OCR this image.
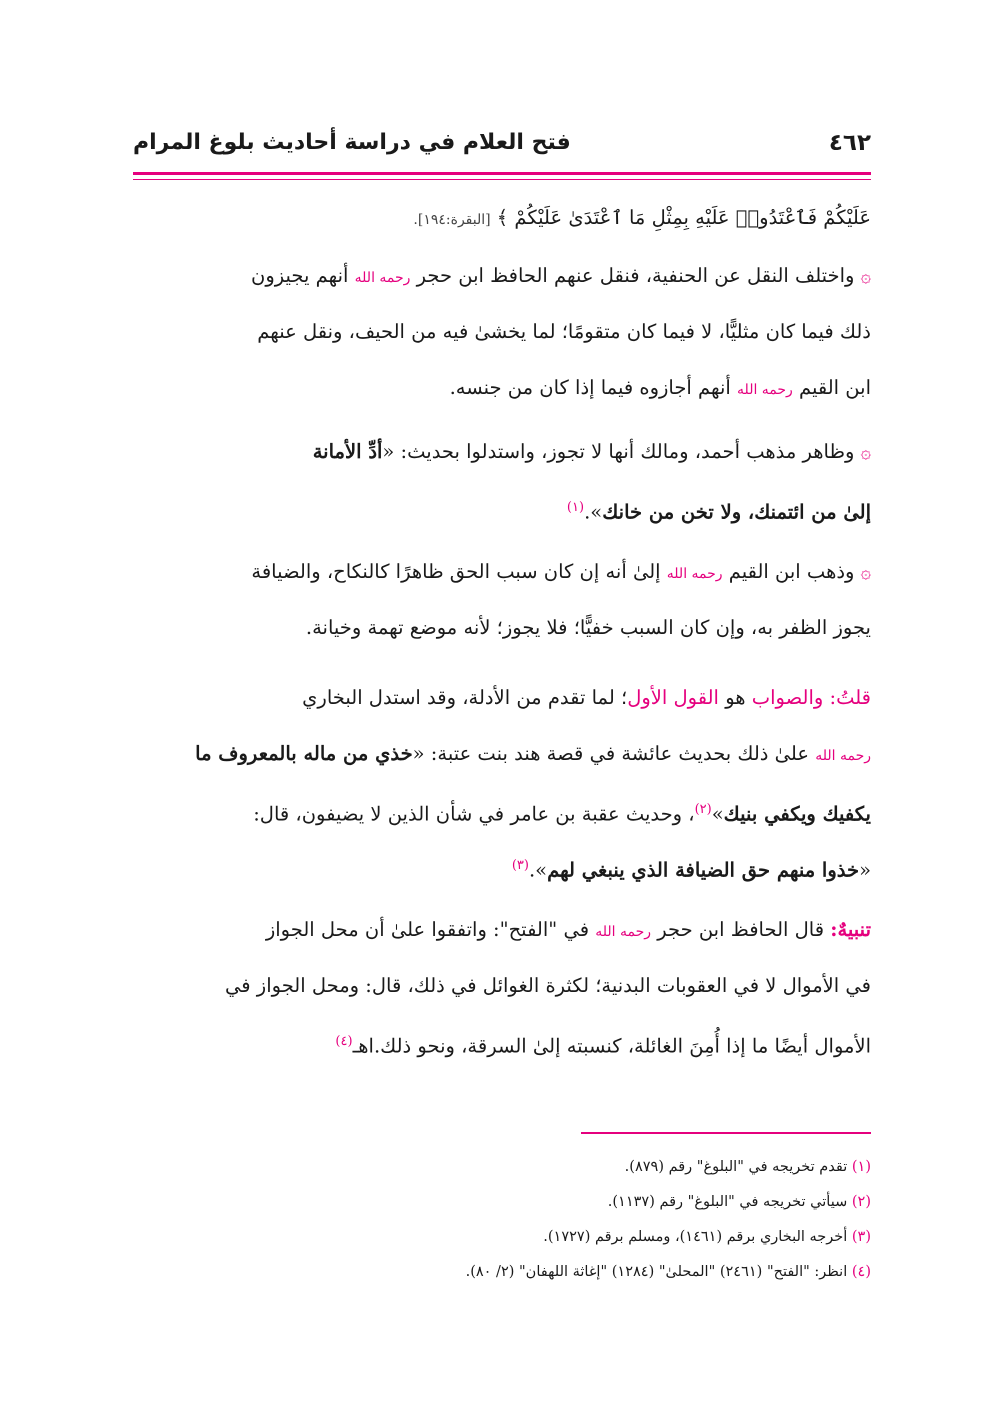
٤٦٢
فتح العلام في دراسة أحاديث بلوغ المرام
عَلَيْكُمْ فَٱعْتَدُوا۟ عَلَيْهِ بِمِثْلِ مَا ٱعْتَدَىٰ عَلَيْكُمْ ﴾ [البقرة:١٩٤].
۞واختلف النقل عن الحنفية، فنقل عنهم الحافظ ابن حجر رحمه الله أنهم يجيزون
ذلك فيما كان مثليًّا، لا فيما كان متقومًا؛ لما يخشىٰ فيه من الحيف، ونقل عنهم
ابن القيم رحمه الله أنهم أجازوه فيما إذا كان من جنسه.
۞وظاهر مذهب أحمد، ومالك أنها لا تجوز، واستدلوا بحديث: «أدِّ الأمانة
إلىٰ من ائتمنك، ولا تخن من خانك».$^{(١)}$
۞وذهب ابن القيم رحمه الله إلىٰ أنه إن كان سبب الحق ظاهرًا كالنكاح، والضيافة
يجوز الظفر به، وإن كان السبب خفيًّا؛ فلا يجوز؛ لأنه موضع تهمة وخيانة.
قلتُ: والصواب هو القول الأول؛ لما تقدم من الأدلة، وقد استدل البخاري
رحمه الله علىٰ ذلك بحديث عائشة في قصة هند بنت عتبة: «خذي من ماله بالمعروف ما
يكفيك ويكفي بنيك»$^{(٢)}$، وحديث عقبة بن عامر في شأن الذين لا يضيفون، قال:
«خذوا منهم حق الضيافة الذي ينبغي لهم».$^{(٣)}$
تنبيهٌ: قال الحافظ ابن حجر رحمه الله في "الفتح": واتفقوا علىٰ أن محل الجواز
في الأموال لا في العقوبات البدنية؛ لكثرة الغوائل في ذلك، قال: ومحل الجواز في
الأموال أيضًا ما إذا أُمِنَ الغائلة، كنسبته إلىٰ السرقة، ونحو ذلك.اهـ$^{(٤)}$
(١) تقدم تخريجه في "البلوغ" رقم (٨٧٩).
(٢) سيأتي تخريجه في "البلوغ" رقم (١١٣٧).
(٣) أخرجه البخاري برقم (١٤٦١)، ومسلم برقم (١٧٢٧).
(٤) انظر: "الفتح" (٢٤٦١) "المحلىٰ" (١٢٨٤) "إغاثة اللهفان" (٢/ ٨٠).
